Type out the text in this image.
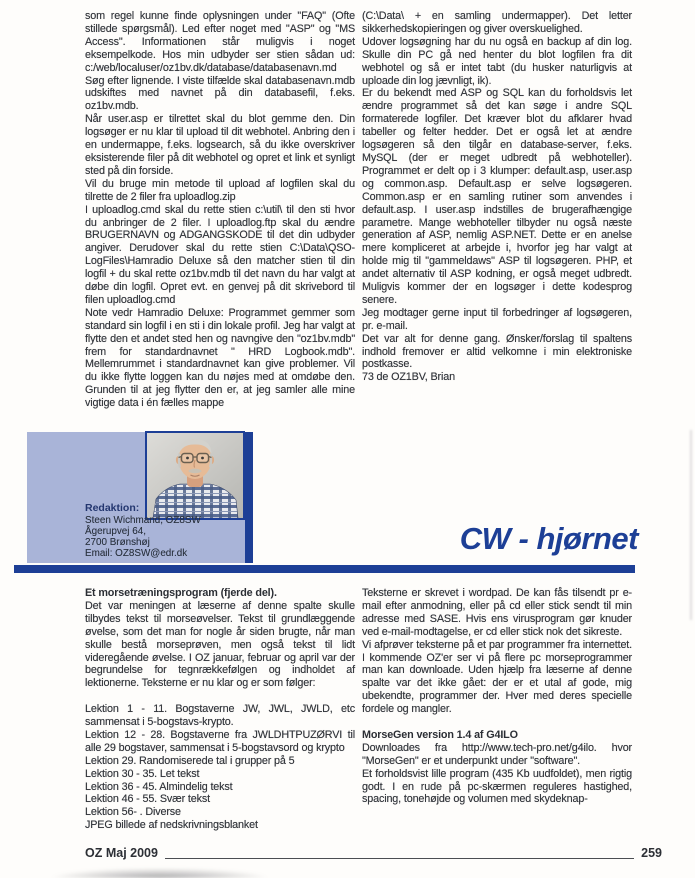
som regel kunne finde oplysningen under "FAQ" (Ofte stillede spørgsmål). Led efter noget med "ASP" og "MS Access". Informationen står muligvis i noget eksempelkode. Hos min udbyder ser stien sådan ud: c:/web/localuser/oz1bv.dk/database/databasenavn.md Søg efter lignende. I viste tilfælde skal databasenavn.mdb udskiftes med navnet på din databasefil, f.eks. oz1bv.mdb.

Når user.asp er tilrettet skal du blot gemme den. Din logsøger er nu klar til upload til dit webhotel. Anbring den i en undermappe, f.eks. logsearch, så du ikke overskriver eksisterende filer på dit webhotel og opret et link et synligt sted på din forside.

Vil du bruge min metode til upload af logfilen skal du tilrette de 2 filer fra uploadlog.zip

I uploadlog.cmd skal du rette stien c:\util\ til den sti hvor du anbringer de 2 filer. I uploadlog.ftp skal du ændre BRUGERNAVN og ADGANGSKODE til det din udbyder angiver. Derudover skal du rette stien C:\Data\QSO-LogFiles\Hamradio Deluxe så den matcher stien til din logfil + du skal rette oz1bv.mdb til det navn du har valgt at døbe din logfil. Opret evt. en genvej på dit skrivebord til filen uploadlog.cmd

Note vedr Hamradio Deluxe: Programmet gemmer som standard sin logfil i en sti i din lokale profil. Jeg har valgt at flytte den et andet sted hen og navngive den "oz1bv.mdb" frem for standardnavnet " HRD Logbook.mdb". Mellemrummet i standardnavnet kan give problemer. Vil du ikke flytte loggen kan du nøjes med at omdøbe den. Grunden til at jeg flytter den er, at jeg samler alle mine vigtige data i én fælles mappe

(C:\Data\ + en samling undermapper). Det letter sikkerhedskopieringen og giver overskuelighed.

Udover logsøgning har du nu også en backup af din log. Skulle din PC gå ned henter du blot logfilen fra dit webhotel og så er intet tabt (du husker naturligvis at uploade din log jævnligt, ik).

Er du bekendt med ASP og SQL kan du forholdsvis let ændre programmet så det kan søge i andre SQL formaterede logfiler. Det kræver blot du afklarer hvad tabeller og felter hedder. Det er også let at ændre logsøgeren så den tilgår en database-server, f.eks. MySQL (der er meget udbredt på webhoteller). Programmet er delt op i 3 klumper: default.asp, user.asp og common.asp. Default.asp er selve logsøgeren. Common.asp er en samling rutiner som anvendes i default.asp. I user.asp indstilles de brugerafhængige parametre. Mange webhoteller tilbyder nu også næste generation af ASP, nemlig ASP.NET. Dette er en anelse mere kompliceret at arbejde i, hvorfor jeg har valgt at holde mig til "gammeldaws" ASP til logsøgeren. PHP, et andet alternativ til ASP kodning, er også meget udbredt. Muligvis kommer der en logsøger i dette kodesprog senere.

Jeg modtager gerne input til forbedringer af logsøgeren, pr. e-mail.

Det var alt for denne gang. Ønsker/forslag til spaltens indhold fremover er altid velkomne i min elektroniske postkasse.

73 de OZ1BV, Brian

Redaktion:
Steen Wichmand, OZ8SW
Ågerupvej 64,
2700 Brønshøj
Email: OZ8SW@edr.dk	CW - hjørnet
Et morsetræningsprogram (fjerde del).

Det var meningen at læserne af denne spalte skulle tilbydes tekst til morseøvelser. Tekst til grundlæggende øvelse, som det man for nogle år siden brugte, når man skulle bestå morseprøven, men også tekst til lidt videregående øvelse. I OZ januar, februar og april var der begrundelse for tegnrækkefølgen og indholdet af lektionerne. Teksterne er nu klar og er som følger:

Lektion 1 - 11. Bogstaverne JW, JWL, JWLD, etc sammensat i 5-bogstavs-krypto.

Lektion 12 - 28. Bogstaverne fra JWLDHTPUZØRVI til alle 29 bogstaver, sammensat i 5-bogstavsord og krypto

Lektion 29. Randomiserede tal i grupper på 5

Lektion 30 - 35. Let tekst

Lektion 36 - 45. Almindelig tekst

Lektion 46 - 55. Svær tekst

Lektion 56- . Diverse

JPEG billede af nedskrivningsblanket

Teksterne er skrevet i wordpad. De kan fås tilsendt pr e-mail efter anmodning, eller på cd eller stick sendt til min adresse med SASE. Hvis ens virusprogram gør knuder ved e-mail-modtagelse, er cd eller stick nok det sikreste.

Vi afprøver teksterne på et par programmer fra internettet. I kommende OZ'er ser vi på flere pc morseprogrammer man kan downloade. Uden hjælp fra læserne af denne spalte var det ikke gået: der er et utal af gode, mig ubekendte, programmer der. Hver med deres specielle fordele og mangler.

MorseGen version 1.4 af G4ILO

Downloades fra http://www.tech-pro.net/g4ilo. hvor "MorseGen" er et underpunkt under "software".

Et forholdsvist lille program (435 Kb uudfoldet), men rigtig godt. I en rude på pc-skærmen reguleres hastighed, spacing, tonehøjde og volumen med skydeknap-

OZ Maj 2009	259
